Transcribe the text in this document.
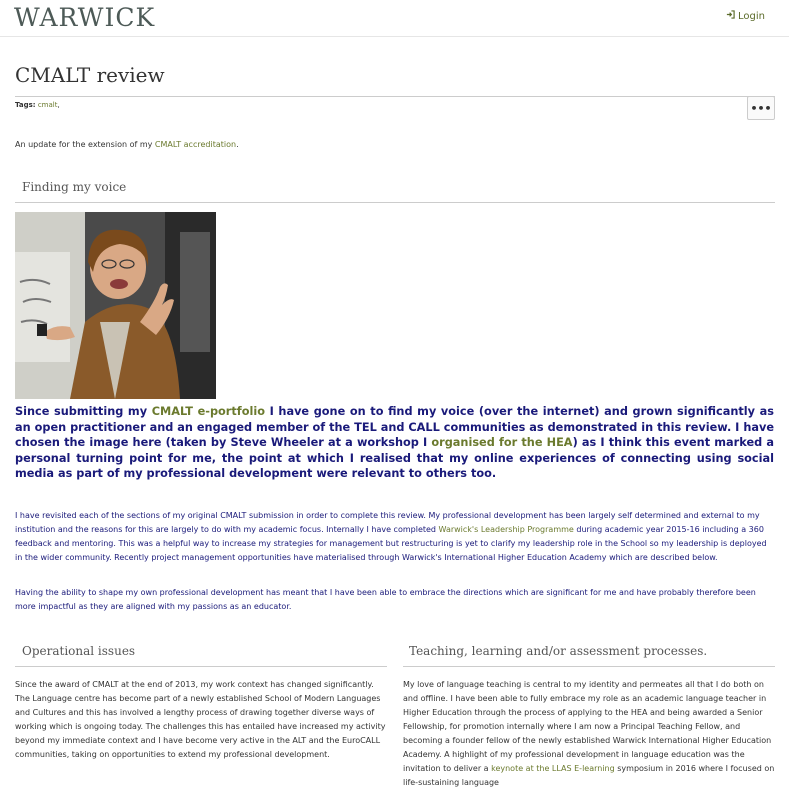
WARWICK	Login
CMALT review
Tags: cmalt,	•••
An update for the extension of my CMALT accreditation.
Finding my voice
Since submitting my CMALT e-portfolio I have gone on to find my voice (over the internet) and grown significantly as an open practitioner and an engaged member of the TEL and CALL communities as demonstrated in this review. I have chosen the image here (taken by Steve Wheeler at a workshop I organised for the HEA) as I think this event marked a personal turning point for me, the point at which I realised that my online experiences of connecting using social media as part of my professional development were relevant to others too.
I have revisited each of the sections of my original CMALT submission in order to complete this review. My professional development has been largely self determined and external to my institution and the reasons for this are largely to do with my academic focus. Internally I have completed Warwick's Leadership Programme during academic year 2015-16 including a 360 feedback and mentoring. This was a helpful way to increase my strategies for management but restructuring is yet to clarify my leadership role in the School so my leadership is deployed in the wider community. Recently project management opportunities have materialised through Warwick's International Higher Education Academy which are described below.
Having the ability to shape my own professional development has meant that I have been able to embrace the directions which are significant for me and have probably therefore been more impactful as they are aligned with my passions as an educator.
Operational issues
Since the award of CMALT at the end of 2013, my work context has changed significantly. The Language centre has become part of a newly established School of Modern Languages and Cultures and this has involved a lengthy process of drawing together diverse ways of working which is ongoing today. The challenges this has entailed have increased my activity beyond my immediate context and I have become very active in the ALT and the EuroCALL communities, taking on opportunities to extend my professional development.
Teaching, learning and/or assessment processes.
My love of language teaching is central to my identity and permeates all that I do both on and offline. I have been able to fully embrace my role as an academic language teacher in Higher Education through the process of applying to the HEA and being awarded a Senior Fellowship, for promotion internally where I am now a Principal Teaching Fellow, and becoming a founder fellow of the newly established Warwick International Higher Education Academy. A highlight of my professional development in language education was the invitation to deliver a keynote at the LLAS E-learning symposium in 2016 where I focused on life-sustaining language
